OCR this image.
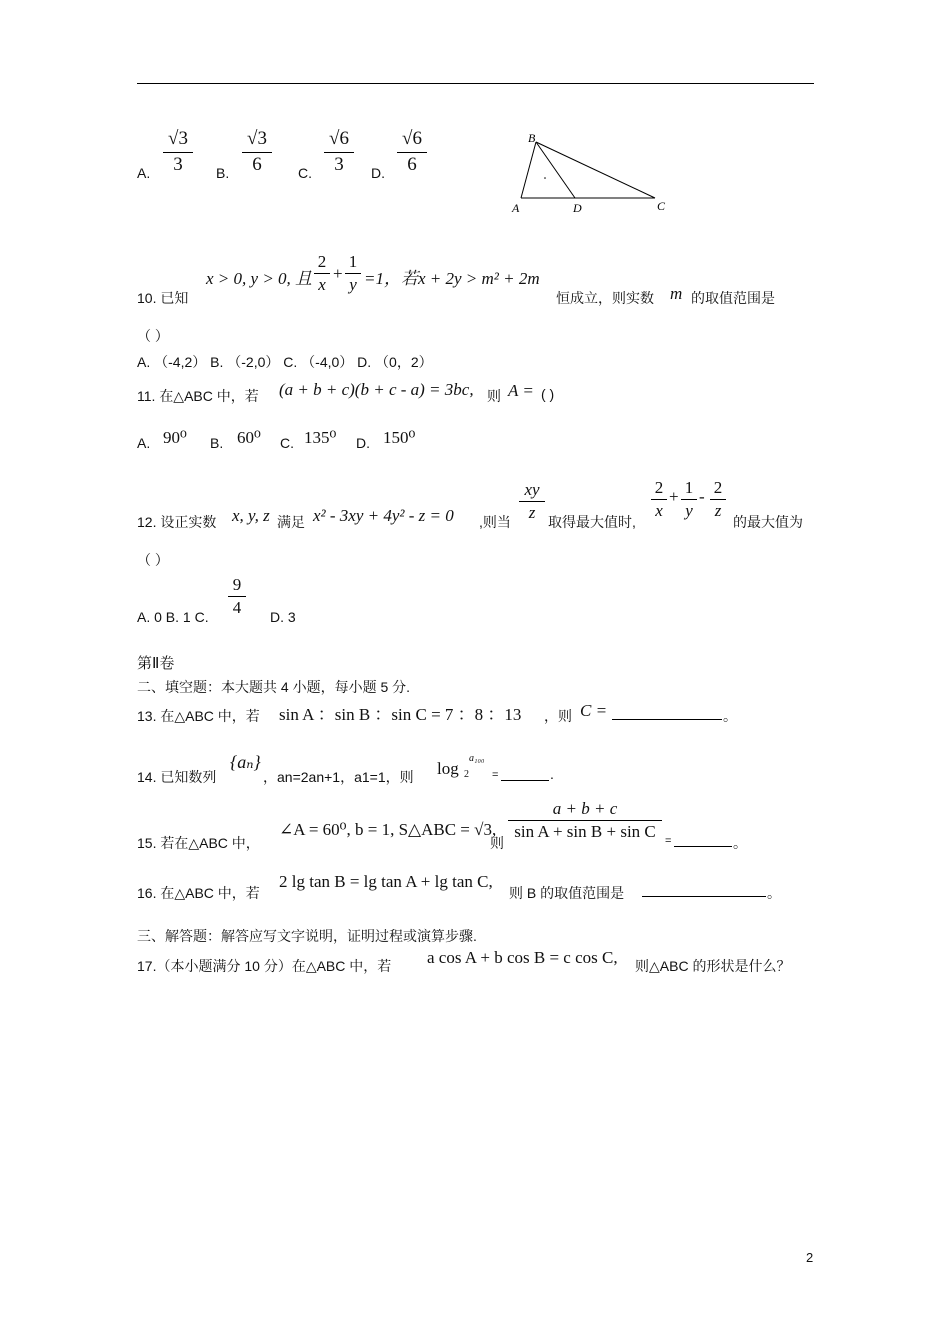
A.
√3
3	B.
√3
6	C.
√6
3	D.
√6
6
B
A	D	C
x > 0, y > 0, 且
2
x
+
1
y =1，若x + 2y > m² + 2m
10. 已知	恒成立，则实数 m 的取值范围是
（ ）
A. （-4,2） B. （-2,0） C. （-4,0） D. （0，2）
11. 在△ABC 中，若 (a + b + c)(b + c - a) = 3bc, 则 A = ( )
A. 90⁰ B. 60⁰ C. 135⁰ D. 150⁰
12. 设正实数 x, y, z 满足 x² - 3xy + 4y² - z = 0 ,则当
xy
z 取得最大值时,
2
x
+ 1
y
- 2
z
的最大值为
（ ）
A. 0 B. 1 C.
9
4	D. 3
第Ⅱ卷
二、填空题：本大题共 4 小题，每小题 5 分.
13. 在△ABC 中，若 sin A ：sin B ：sin C = 7 ：8 ：13 ，则 C =	。
14. 已知数列
{aₙ}
，an=2an+1，a1=1，则 log 2
a₁₀₀
=	.
15. 若在△ABC 中，
∠A = 60⁰, b = 1, S△ABC = √3,
则
a + b + c
sin A + sin B + sin C =	。
16. 在△ABC 中，若
2 lg tan B = lg tan A + lg tan C,
则 B 的取值范围是	。
三、解答题：解答应写文字说明，证明过程或演算步骤.
17.（本小题满分 10 分）在△ABC 中，若 a cos A + b cos B = c cos C, 则△ABC 的形状是什么？
2
